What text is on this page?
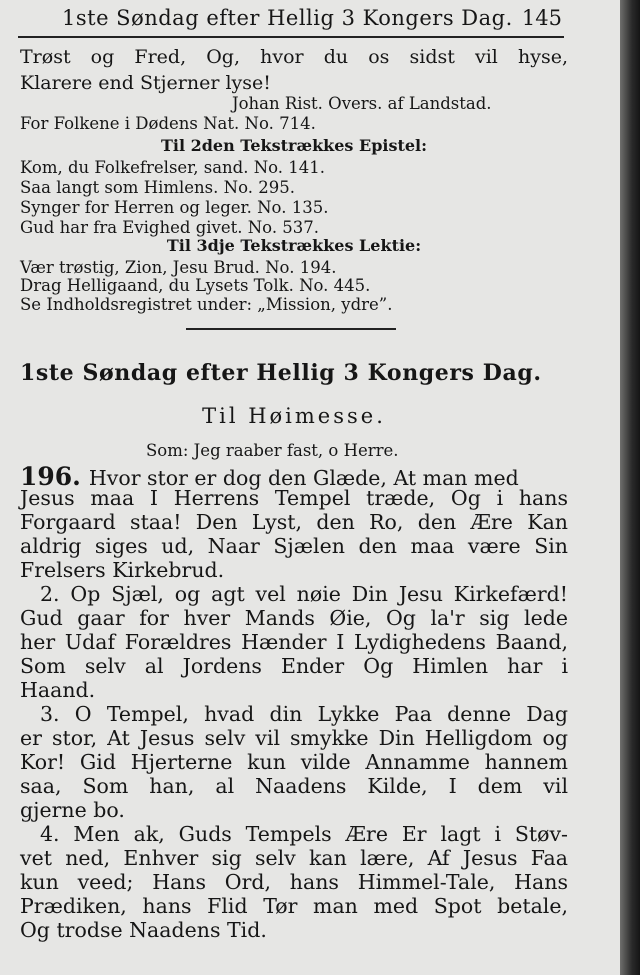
1ste Søndag efter Hellig 3 Kongers Dag. 145
Trøst og Fred, Og, hvor du os sidst vil hyse,
Klarere end Stjerner lyse!
Johan Rist. Overs. af Landstad.
For Folkene i Dødens Nat. No. 714.
Til 2den Tekstrækkes Epistel:
Kom, du Folkefrelser, sand. No. 141.
Saa langt som Himlens. No. 295.
Synger for Herren og leger. No. 135.
Gud har fra Evighed givet. No. 537.
Til 3dje Tekstrækkes Lektie:
Vær trøstig, Zion, Jesu Brud. No. 194.
Drag Helligaand, du Lysets Tolk. No. 445.
Se Indholdsregistret under: „Mission, ydre”.
1ste Søndag efter Hellig 3 Kongers Dag.
Til Høimesse.
Som: Jeg raaber fast, o Herre.
196. Hvor stor er dog den Glæde, At man med
Jesus maa I Herrens Tempel træde, Og i hans
Forgaard staa! Den Lyst, den Ro, den Ære Kan
aldrig siges ud, Naar Sjælen den maa være Sin
Frelsers Kirkebrud.
2. Op Sjæl, og agt vel nøie Din Jesu Kirkefærd!
Gud gaar for hver Mands Øie, Og la'r sig lede
her Udaf Forældres Hænder I Lydighedens Baand,
Som selv al Jordens Ender Og Himlen har i
Haand.
3. O Tempel, hvad din Lykke Paa denne Dag
er stor, At Jesus selv vil smykke Din Helligdom og
Kor! Gid Hjerterne kun vilde Annamme hannem
saa, Som han, al Naadens Kilde, I dem vil
gjerne bo.
4. Men ak, Guds Tempels Ære Er lagt i Støv-
vet ned, Enhver sig selv kan lære, Af Jesus Faa
kun veed; Hans Ord, hans Himmel-Tale, Hans
Prædiken, hans Flid Tør man med Spot betale,
Og trodse Naadens Tid.
